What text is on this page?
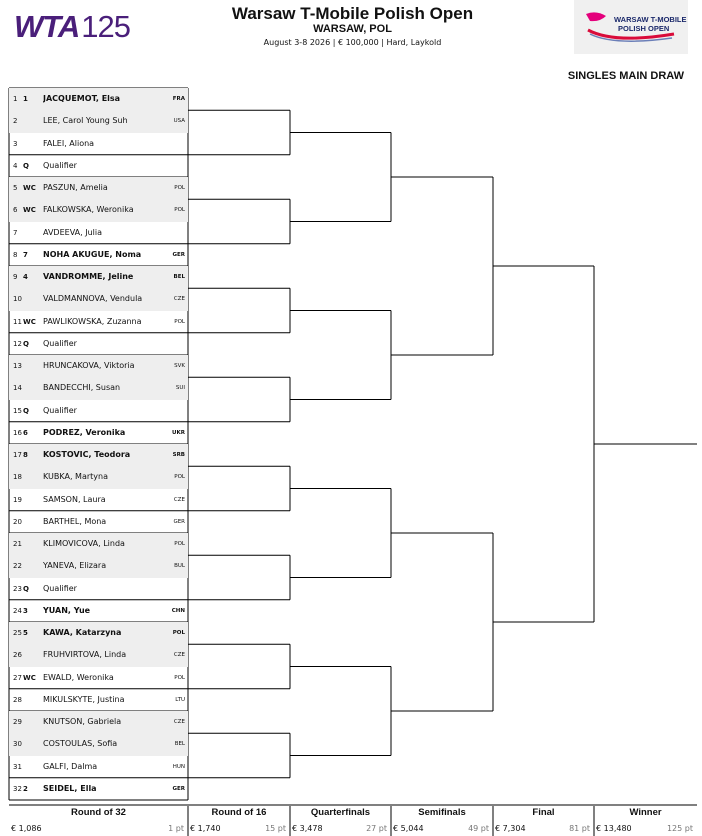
WTA 125	Warsaw T-Mobile Polish Open
WARSAW, POL
August 3-8 2026 | € 100,000 | Hard, Laykold
WARSAW T-MOBILE
POLISH OPEN
SINGLES MAIN DRAW
1 1	JACQUEMOT, Elsa	FRA
2	LEE, Carol Young Suh	USA
3	FALEI, Aliona
4 Q	Qualifier
5 WC PASZUN, Amelia	POL
6 WC FALKOWSKA, Weronika	POL
7	AVDEEVA, Julia
8 7	NOHA AKUGUE, Noma	GER
9 4	VANDROMME, Jeline	BEL
10	VALDMANNOVA, Vendula	CZE
11 WC PAWLIKOWSKA, Zuzanna	POL
12 Q	Qualifier
13	HRUNCAKOVA, Viktoria	SVK
14	BANDECCHI, Susan	SUI
15 Q	Qualifier
16 6	PODREZ, Veronika	UKR
17 8	KOSTOVIC, Teodora	SRB
18	KUBKA, Martyna	POL
19	SAMSON, Laura	CZE
20	BARTHEL, Mona	GER
21	KLIMOVICOVA, Linda	POL
22	YANEVA, Elizara	BUL
23 Q	Qualifier
24 3	YUAN, Yue	CHN
25 5	KAWA, Katarzyna	POL
26	FRUHVIRTOVA, Linda	CZE
27 WC EWALD, Weronika	POL
28	MIKULSKYTE, Justina	LTU
29	KNUTSON, Gabriela	CZE
30	COSTOULAS, Sofia	BEL
31	GALFI, Dalma	HUN
32 2	SEIDEL, Ella	GER
Round of 32
€ 1,086	1 pt
Round of 16
€ 1,740	15 pt
Quarterfinals
€ 3,478	27 pt
Semifinals
€ 5,044	49 pt
Final
€ 7,304	81 pt
Winner
€ 13,480	125 pt
